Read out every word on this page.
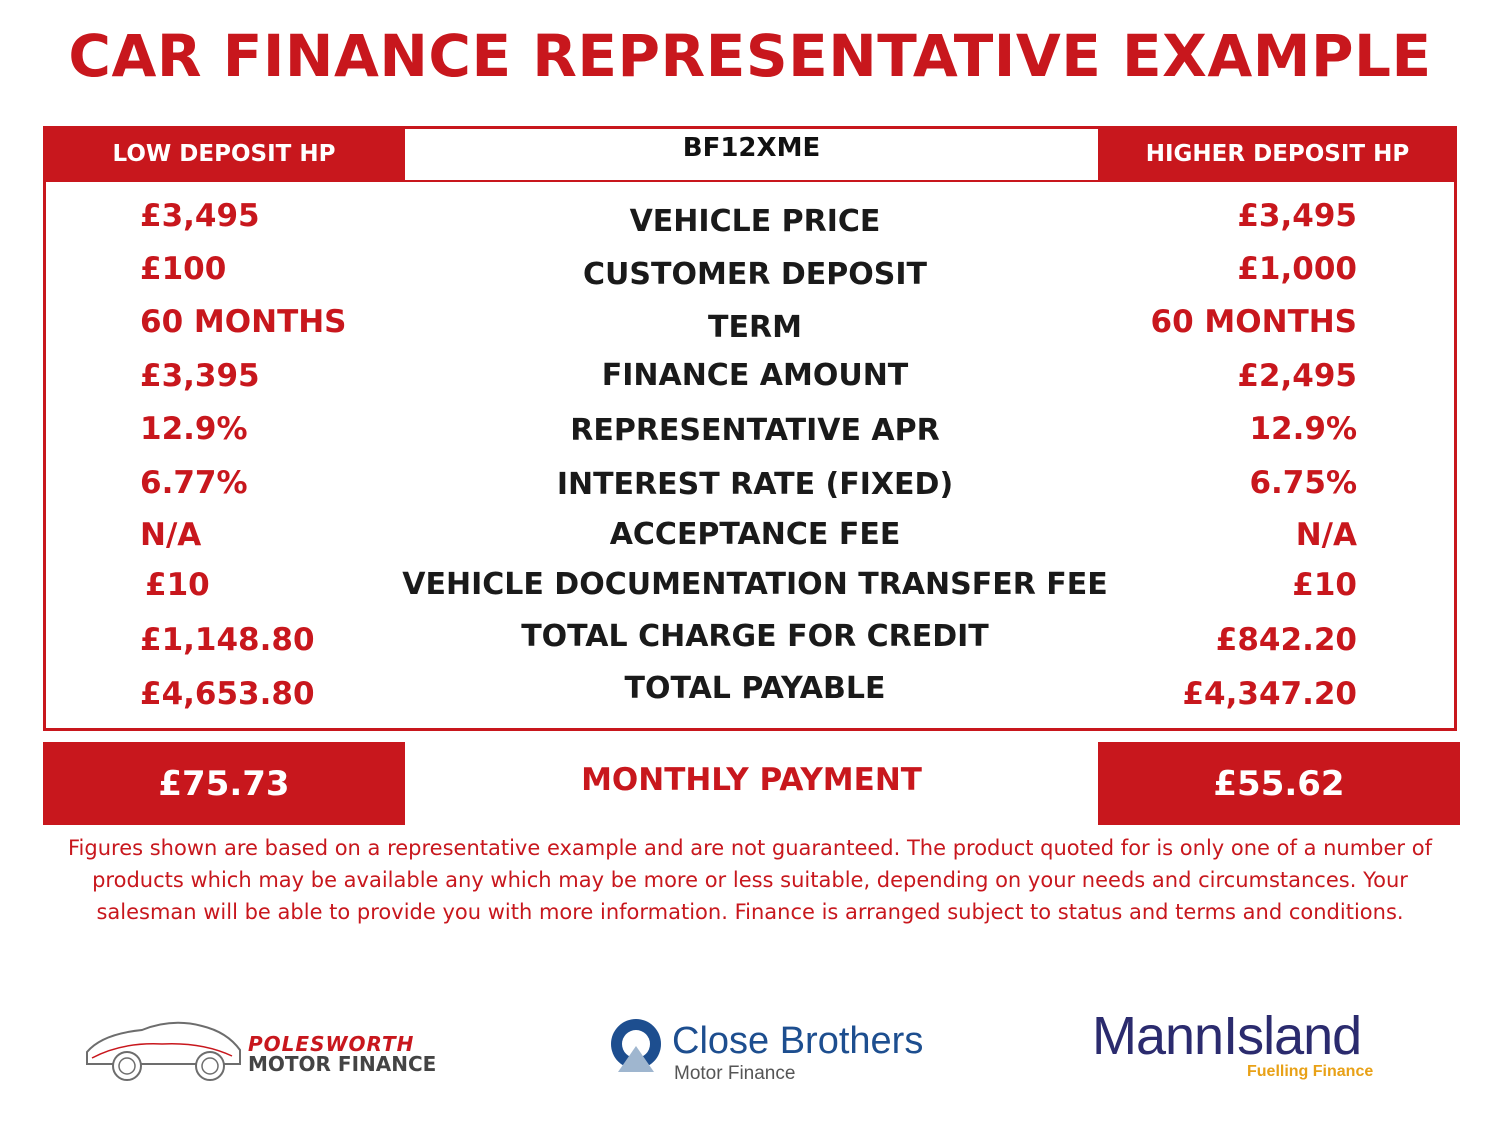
CAR FINANCE REPRESENTATIVE EXAMPLE
LOW DEPOSIT HP	BF12XME	HIGHER DEPOSIT HP
£3,495	VEHICLE PRICE	£3,495
£100	CUSTOMER DEPOSIT	£1,000
60 MONTHS	TERM	60 MONTHS
£3,395	FINANCE AMOUNT	£2,495
12.9%	REPRESENTATIVE APR	12.9%
6.77%	INTEREST RATE (FIXED)	6.75%
N/A	ACCEPTANCE FEE	N/A
£10	VEHICLE DOCUMENTATION TRANSFER FEE	£10
£1,148.80	TOTAL CHARGE FOR CREDIT	£842.20
£4,653.80	TOTAL PAYABLE	£4,347.20
£75.73	MONTHLY PAYMENT	£55.62
Figures shown are based on a representative example and are not guaranteed. The product quoted for is only one of a number of products which may be available any which may be more or less suitable, depending on your needs and circumstances. Your salesman will be able to provide you with more information. Finance is arranged subject to status and terms and conditions.
POLESWORTH
MOTOR FINANCE
Close Brothers
Motor Finance
MannIsland
Fuelling Finance
